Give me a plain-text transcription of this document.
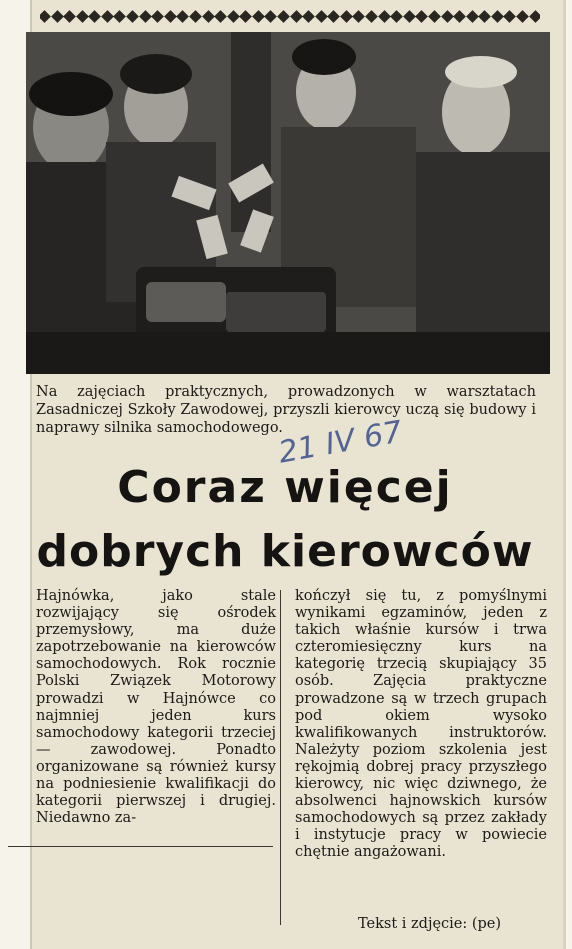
Na zajęciach praktycznych, prowadzonych w warsztatach Zasadniczej Szkoły Zawodowej, przyszli kierowcy uczą się budowy i naprawy silnika samochodowego.
21 IV 67
Coraz więcej
dobrych kierowców
Hajnówka, jako stale rozwijający się ośrodek przemysłowy, ma duże zapotrzebowanie na kierowców samochodowych. Rok rocznie Polski Związek Motorowy prowadzi w Hajnówce co najmniej jeden kurs samochodowy kategorii trzeciej — zawodowej. Ponadto organizowane są również kursy na podniesienie kwalifikacji do kategorii pierwszej i drugiej. Niedawno za-
kończył się tu, z pomyślnymi wynikami egzaminów, jeden z takich właśnie kursów i trwa czteromiesięczny kurs na kategorię trzecią skupiający 35 osób. Zajęcia praktyczne prowadzone są w trzech grupach pod okiem wysoko kwalifikowanych instruktorów. Należyty poziom szkolenia jest rękojmią dobrej pracy przyszłego kierowcy, nic więc dziwnego, że absolwenci hajnowskich kursów samochodowych są przez zakłady i instytucje pracy w powiecie chętnie angażowani.
Tekst i zdjęcie: (pe)
